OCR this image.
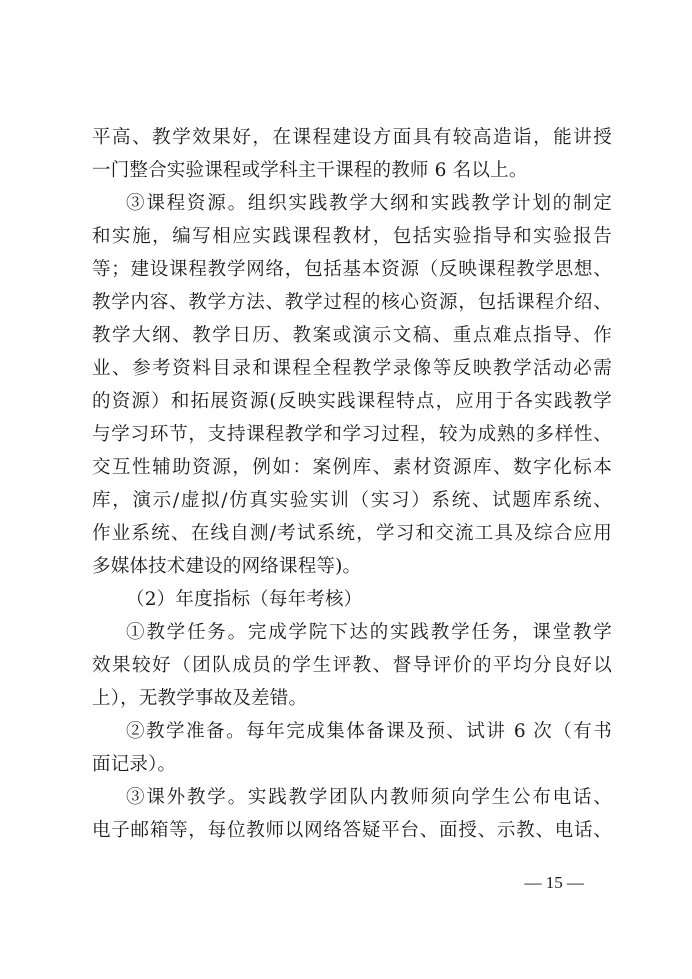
平高、教学效果好，在课程建设方面具有较高造诣，能讲授
一门整合实验课程或学科主干课程的教师 6 名以上。
③课程资源。组织实践教学大纲和实践教学计划的制定
和实施，编写相应实践课程教材，包括实验指导和实验报告
等；建设课程教学网络，包括基本资源（反映课程教学思想、
教学内容、教学方法、教学过程的核心资源，包括课程介绍、
教学大纲、教学日历、教案或演示文稿、重点难点指导、作
业、参考资料目录和课程全程教学录像等反映教学活动必需
的资源）和拓展资源(反映实践课程特点，应用于各实践教学
与学习环节，支持课程教学和学习过程，较为成熟的多样性、
交互性辅助资源，例如：案例库、素材资源库、数字化标本
库，演示/虚拟/仿真实验实训（实习）系统、试题库系统、
作业系统、在线自测/考试系统，学习和交流工具及综合应用
多媒体技术建设的网络课程等)。
（2）年度指标（每年考核）
①教学任务。完成学院下达的实践教学任务，课堂教学
效果较好（团队成员的学生评教、督导评价的平均分良好以
上），无教学事故及差错。
②教学准备。每年完成集体备课及预、试讲 6 次（有书
面记录）。
③课外教学。实践教学团队内教师须向学生公布电话、
电子邮箱等，每位教师以网络答疑平台、面授、示教、电话、
— 15 —
